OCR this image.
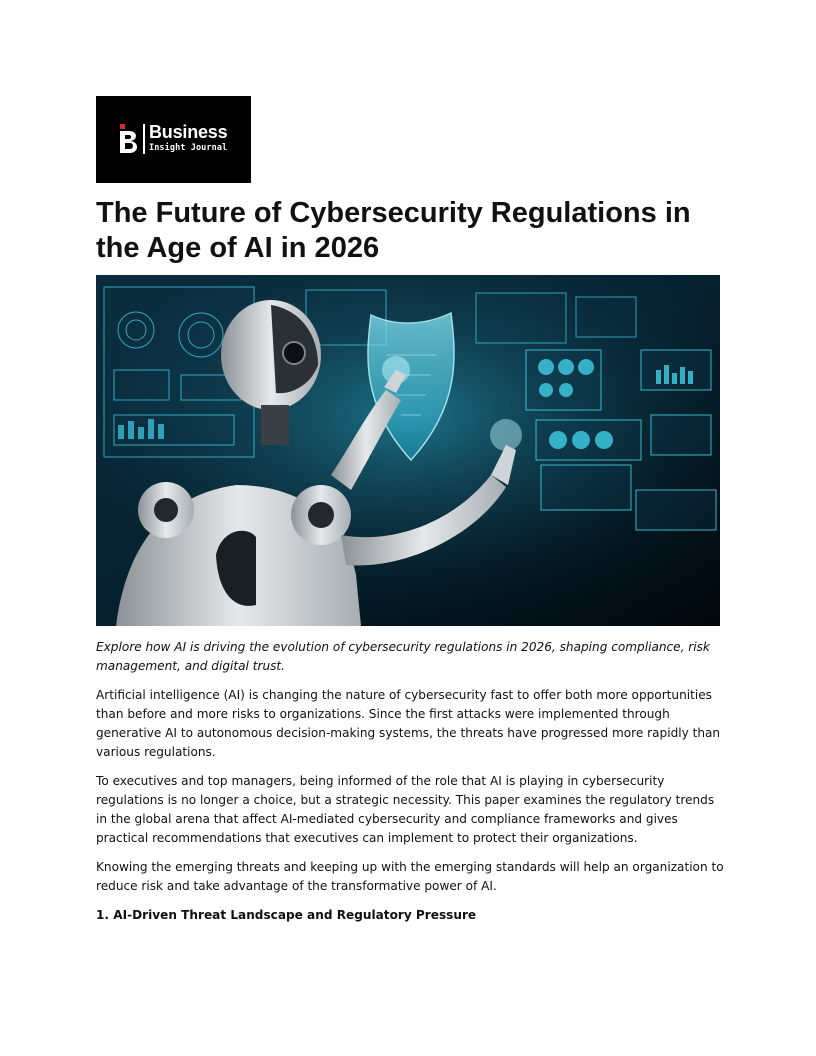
Business
Insight Journal
The Future of Cybersecurity Regulations in the Age of AI in 2026

Explore how AI is driving the evolution of cybersecurity regulations in 2026, shaping compliance, risk management, and digital trust.

Artificial intelligence (AI) is changing the nature of cybersecurity fast to offer both more opportunities than before and more risks to organizations. Since the first attacks were implemented through generative AI to autonomous decision-making systems, the threats have progressed more rapidly than various regulations.

To executives and top managers, being informed of the role that AI is playing in cybersecurity regulations is no longer a choice, but a strategic necessity. This paper examines the regulatory trends in the global arena that affect AI-mediated cybersecurity and compliance frameworks and gives practical recommendations that executives can implement to protect their organizations.

Knowing the emerging threats and keeping up with the emerging standards will help an organization to reduce risk and take advantage of the transformative power of AI.

1. AI-Driven Threat Landscape and Regulatory Pressure
